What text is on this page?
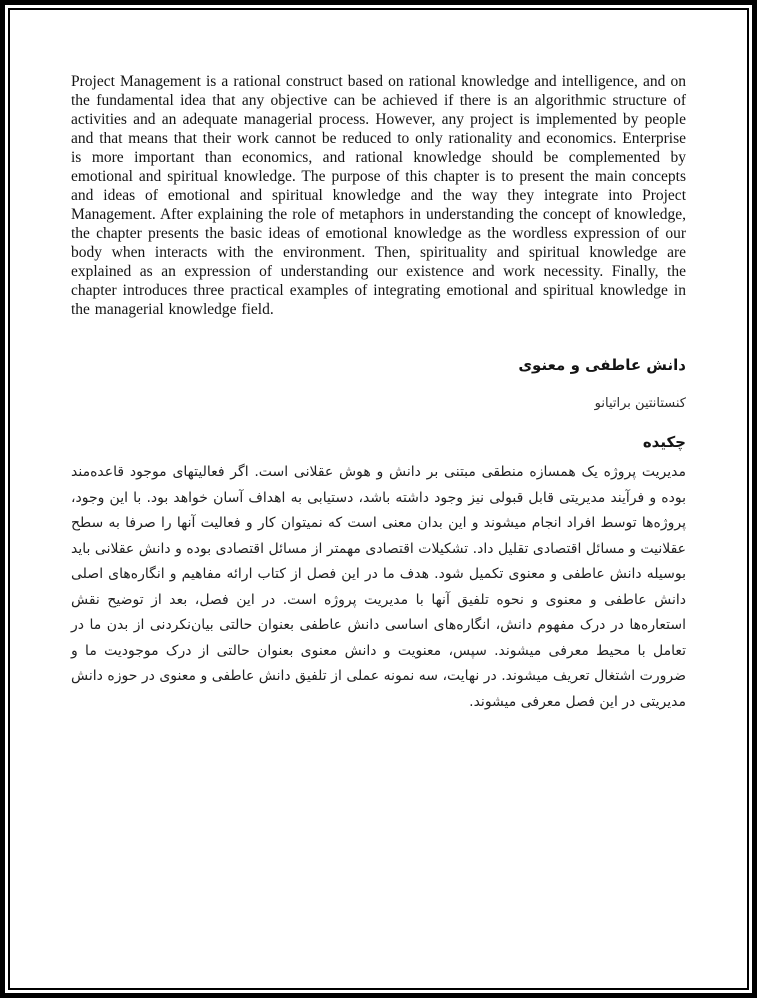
Project Management is a rational construct based on rational knowledge and intelligence, and on the fundamental idea that any objective can be achieved if there is an algorithmic structure of activities and an adequate managerial process. However, any project is implemented by people and that means that their work cannot be reduced to only rationality and economics. Enterprise is more important than economics, and rational knowledge should be complemented by emotional and spiritual knowledge. The purpose of this chapter is to present the main concepts and ideas of emotional and spiritual knowledge and the way they integrate into Project Management. After explaining the role of metaphors in understanding the concept of knowledge, the chapter presents the basic ideas of emotional knowledge as the wordless expression of our body when interacts with the environment. Then, spirituality and spiritual knowledge are explained as an expression of understanding our existence and work necessity. Finally, the chapter introduces three practical examples of integrating emotional and spiritual knowledge in the managerial knowledge field.

دانش عاطفی و معنوی

کنستانتین براتیانو

چکیده

مدیریت پروژه یک همسازه منطقی مبتنی بر دانش و هوش عقلانی است. اگر فعالیتهای موجود قاعده‌مند بوده و فرآیند مدیریتی قابل قبولی نیز وجود داشته باشد، دستیابی به اهداف آسان خواهد بود. با این وجود، پروژه‌ها توسط افراد انجام میشوند و این بدان معنی است که نمیتوان کار و فعالیت آنها را صرفا به سطح عقلانیت و مسائل اقتصادی تقلیل داد. تشکیلات اقتصادی مهمتر از مسائل اقتصادی بوده و دانش عقلانی باید بوسیله دانش عاطفی و معنوی تکمیل شود. هدف ما در این فصل از کتاب ارائه مفاهیم و انگاره‌های اصلی دانش عاطفی و معنوی و نحوه تلفیق آنها با مدیریت پروژه است. در این فصل، بعد از توضیح نقش استعاره‌ها در درک مفهوم دانش، انگاره‌های اساسی دانش عاطفی بعنوان حالتی بیان‌نکردنی از بدن ما در تعامل با محیط معرفی میشوند. سپس، معنویت و دانش معنوی بعنوان حالتی از درک موجودیت ما و ضرورت اشتغال تعریف میشوند. در نهایت، سه نمونه عملی از تلفیق دانش عاطفی و معنوی در حوزه دانش مدیریتی در این فصل معرفی میشوند.
